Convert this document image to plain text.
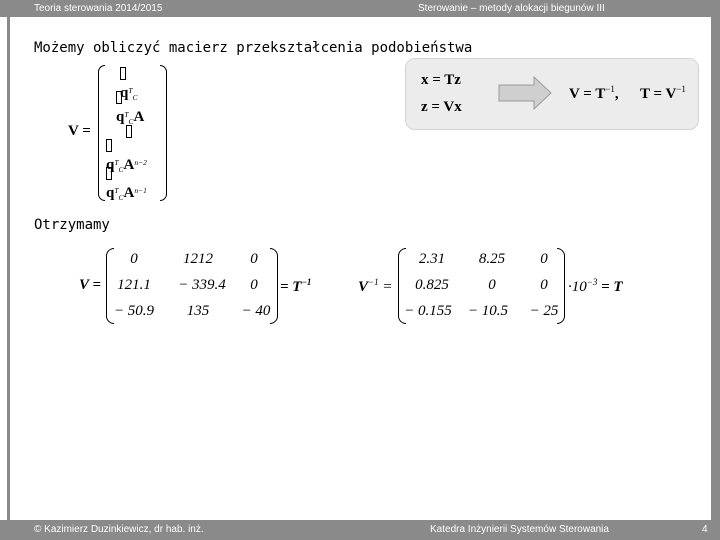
Teoria sterowania 2014/2015	Sterowanie – metody alokacji biegunów III
Możemy obliczyć macierz przekształcenia podobieństwa
x = Tz
z = Vx
$V = T^{-1}$, $T = V^{-1}$
V =

$q^T_C$

$q^T_CA$

$q^T_CA^{n-2}$

$q^T_CA^{n-1}$
Otrzymamy
V =
0	1212	0
121.1	− 339.4	0
− 50.9	135	− 40
= $T^{-1}$	$V^{-1}$ =
2.31	8.25	0
0.825	0	0
− 0.155	− 10.5	− 25
$\cdot 10^{-3} = T$
© Kazimierz Duzinkiewicz, dr hab. inż.	Katedra Inżynierii Systemów Sterowania	4
